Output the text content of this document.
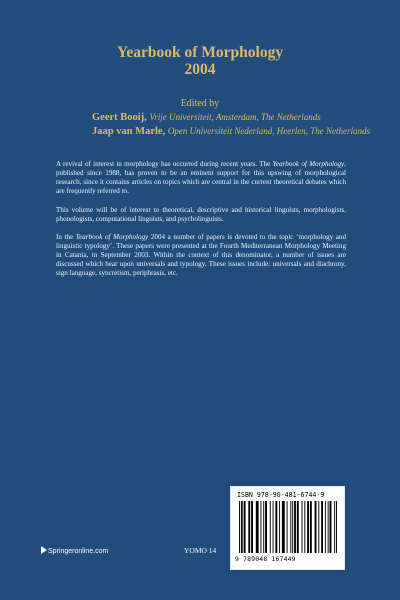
Yearbook of Morphology
2004
Edited by
Geert Booij, Vrije Universiteit, Amsterdam, The Netherlands
Jaap van Marle, Open Universiteit Nederland, Heerlen, The Netherlands

A revival of interest in morphology has occurred during recent years. The Yearbook of Morphology, published since 1988, has proven to be an eminent support for this upswing of morphological research, since it contains articles on topics which are central in the current theoretical debates which are frequently referred to.

This volume will be of interest to theoretical, descriptive and historical linguists, morphologists, phonologists, computational linguists, and psycholinguists.

In the Yearbook of Morphology 2004 a number of papers is devoted to the topic ‘morphology and linguistic typology’. These papers were presented at the Fourth Mediterranean Morphology Meeting in Catania, in September 2003. Within the context of this denominator, a number of issues are discussed which bear upon universals and typology. These issues include: universals and diachrony, sign language, syncretism, periphrasis, etc.

ISBN 978-90-481-6744-9
9 789048 167449
Springeronline.com	YOMO 14
